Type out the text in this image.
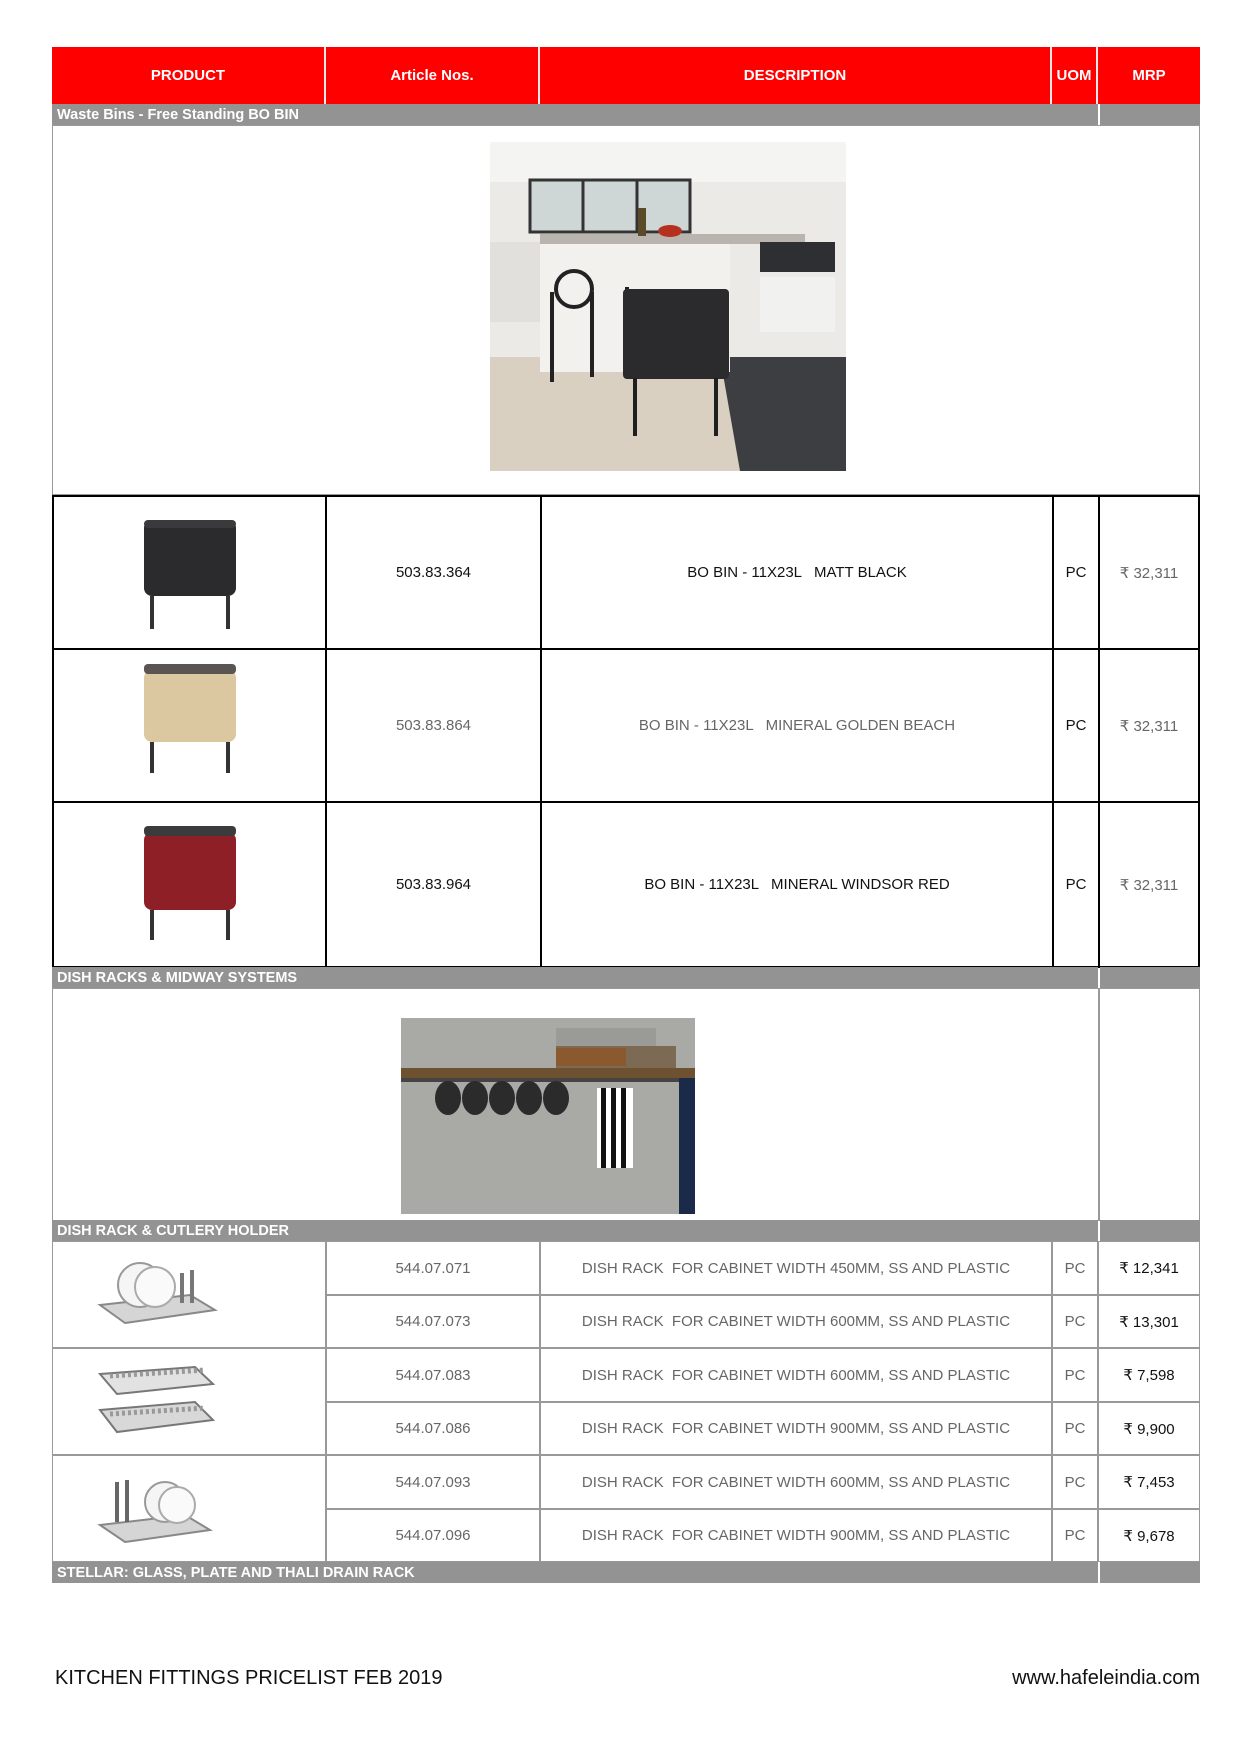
PRODUCT	Article Nos.	DESCRIPTION	UOM	MRP
Waste Bins - Free Standing BO BIN
503.83.364	BO BIN - 11X23L   MATT BLACK	PC	₹ 32,311
503.83.864	BO BIN - 11X23L   MINERAL GOLDEN BEACH	PC	₹ 32,311
503.83.964	BO BIN - 11X23L   MINERAL WINDSOR RED	PC	₹ 32,311
DISH RACKS & MIDWAY SYSTEMS
DISH RACK & CUTLERY HOLDER
544.07.071	DISH RACK  FOR CABINET WIDTH 450MM, SS AND PLASTIC	PC	₹ 12,341
544.07.073	DISH RACK  FOR CABINET WIDTH 600MM, SS AND PLASTIC	PC	₹ 13,301
544.07.083	DISH RACK  FOR CABINET WIDTH 600MM, SS AND PLASTIC	PC	₹ 7,598
544.07.086	DISH RACK  FOR CABINET WIDTH 900MM, SS AND PLASTIC	PC	₹ 9,900
544.07.093	DISH RACK  FOR CABINET WIDTH 600MM, SS AND PLASTIC	PC	₹ 7,453
544.07.096	DISH RACK  FOR CABINET WIDTH 900MM, SS AND PLASTIC	PC	₹ 9,678
STELLAR: GLASS, PLATE AND THALI DRAIN RACK
KITCHEN FITTINGS PRICELIST FEB 2019	www.hafeleindia.com
